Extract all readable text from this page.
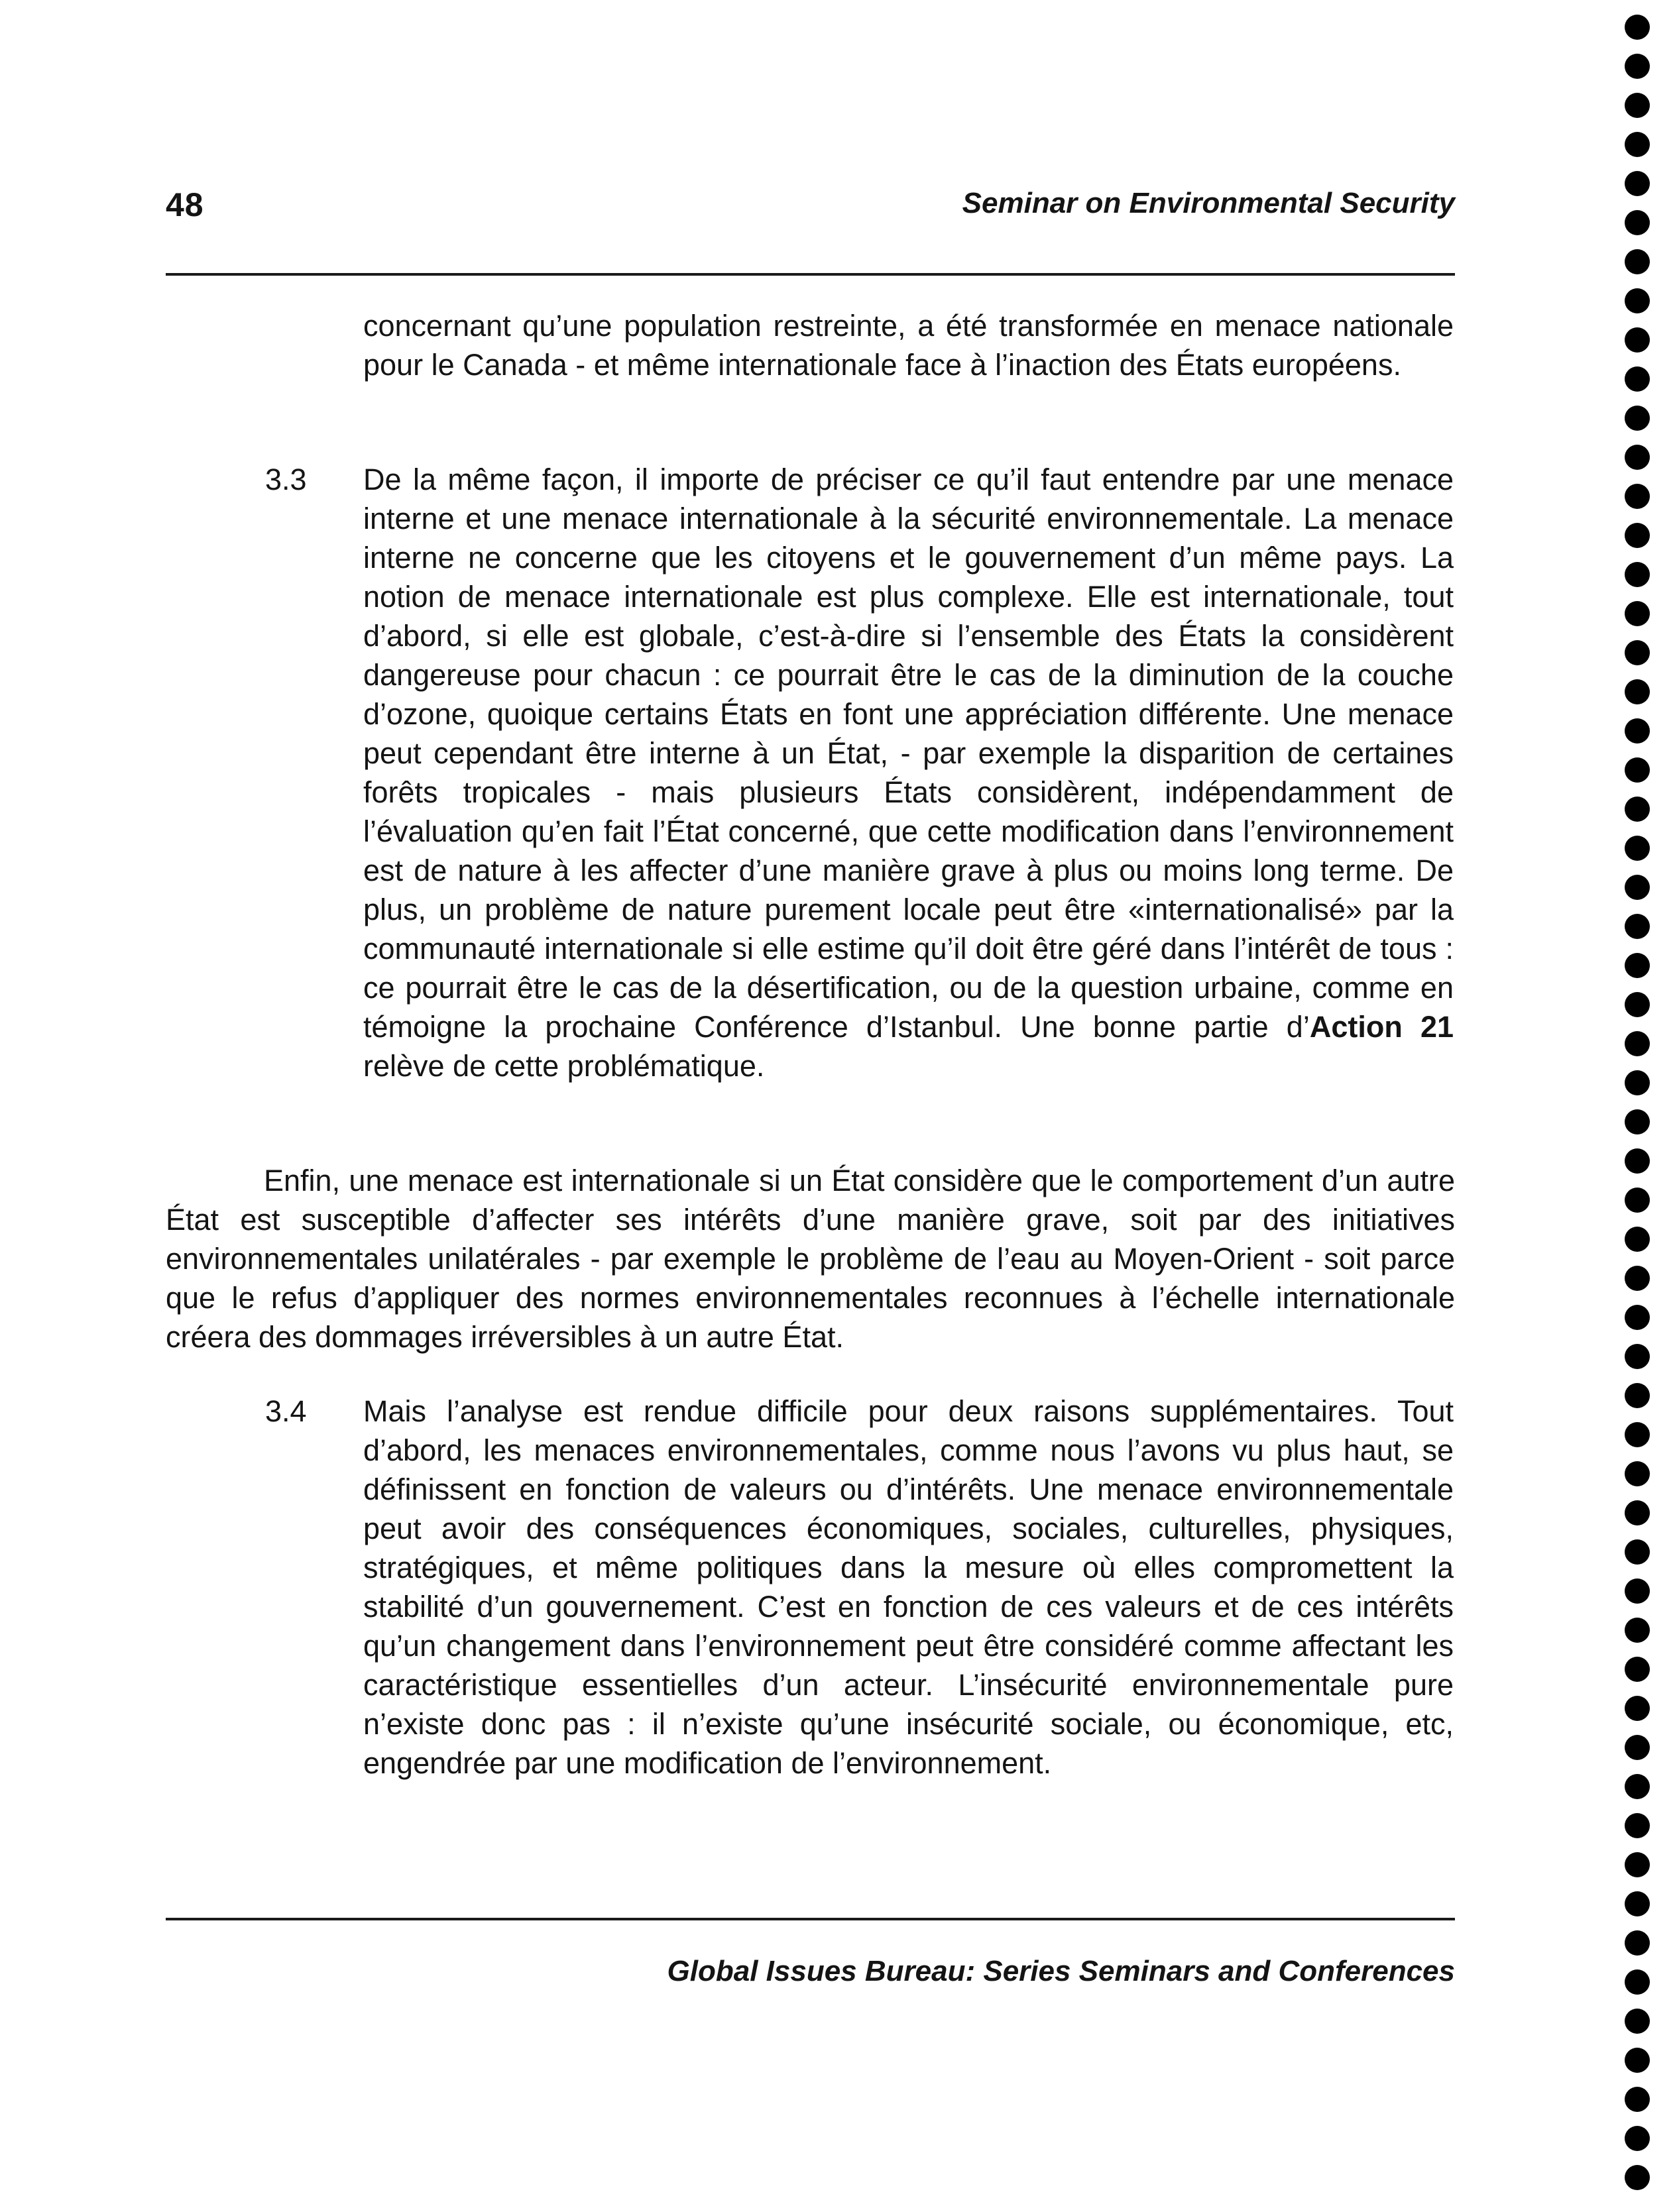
48	Seminar on Environmental Security

concernant qu’une population restreinte, a été transformée en menace nationale pour le Canada - et même internationale face à l’inaction des États européens.

3.3 De la même façon, il importe de préciser ce qu’il faut entendre par une menace interne et une menace internationale à la sécurité environnementale. La menace interne ne concerne que les citoyens et le gouvernement d’un même pays. La notion de menace internationale est plus complexe. Elle est internationale, tout d’abord, si elle est globale, c’est-à-dire si l’ensemble des États la considèrent dangereuse pour chacun : ce pourrait être le cas de la diminution de la couche d’ozone, quoique certains États en font une appréciation différente. Une menace peut cependant être interne à un État, - par exemple la disparition de certaines forêts tropicales - mais plusieurs États considèrent, indépendamment de l’évaluation qu’en fait l’État concerné, que cette modification dans l’environnement est de nature à les affecter d’une manière grave à plus ou moins long terme. De plus, un problème de nature purement locale peut être «internationalisé» par la communauté internationale si elle estime qu’il doit être géré dans l’intérêt de tous : ce pourrait être le cas de la désertification, ou de la question urbaine, comme en témoigne la prochaine Conférence d’Istanbul. Une bonne partie d’Action 21 relève de cette problématique.

Enfin, une menace est internationale si un État considère que le comportement d’un autre État est susceptible d’affecter ses intérêts d’une manière grave, soit par des initiatives environnementales unilatérales - par exemple le problème de l’eau au Moyen-Orient - soit parce que le refus d’appliquer des normes environnementales reconnues à l’échelle internationale créera des dommages irréversibles à un autre État.

3.4 Mais l’analyse est rendue difficile pour deux raisons supplémentaires. Tout d’abord, les menaces environnementales, comme nous l’avons vu plus haut, se définissent en fonction de valeurs ou d’intérêts. Une menace environnementale peut avoir des conséquences économiques, sociales, culturelles, physiques, stratégiques, et même politiques dans la mesure où elles compromettent la stabilité d’un gouvernement. C’est en fonction de ces valeurs et de ces intérêts qu’un changement dans l’environnement peut être considéré comme affectant les caractéristique essentielles d’un acteur. L’insécurité environnementale pure n’existe donc pas : il n’existe qu’une insécurité sociale, ou économique, etc, engendrée par une modification de l’environnement.

Global Issues Bureau: Series Seminars and Conferences
